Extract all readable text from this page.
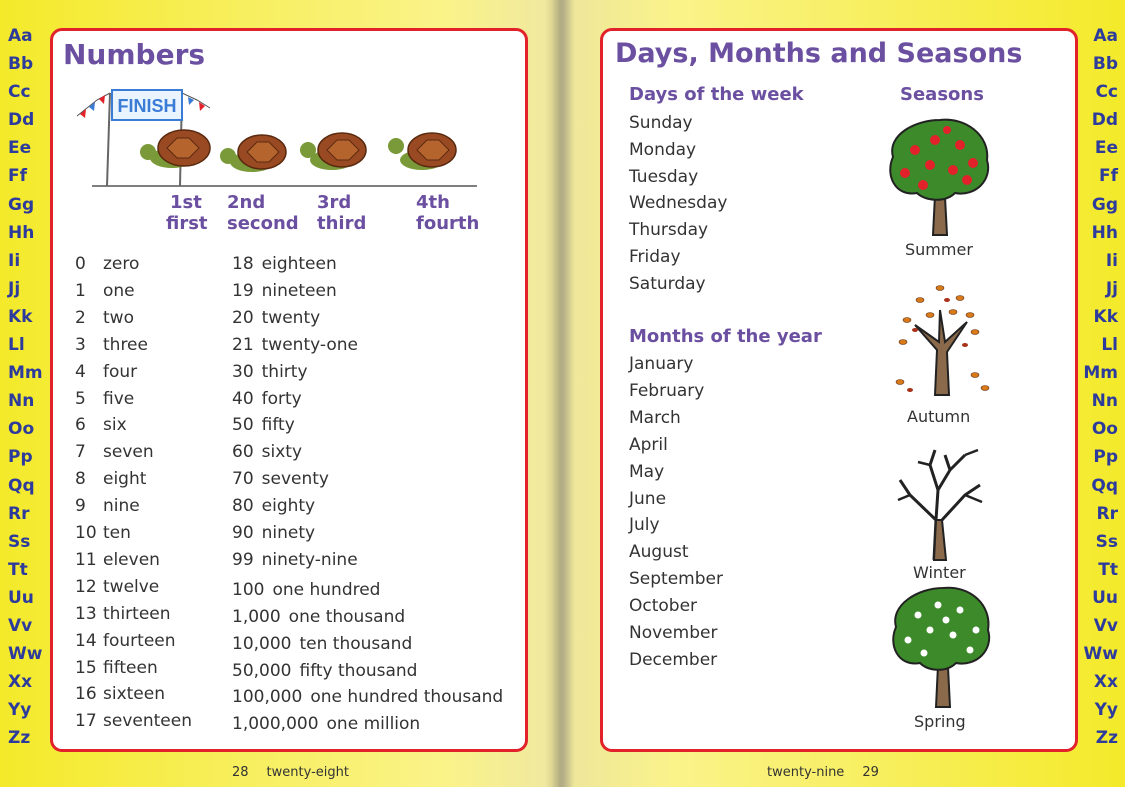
Aa
Bb
Cc
Dd
Ee
Ff
Gg
Hh
Ii
Jj
Kk
Ll
Mm
Nn
Oo
Pp
Qq
Rr
Ss
Tt
Uu
Vv
Ww
Xx
Yy
Zz
Aa
Bb
Cc
Dd
Ee
Ff
Gg
Hh
Ii
Jj
Kk
Ll
Mm
Nn
Oo
Pp
Qq
Rr
Ss
Tt
Uu
Vv
Ww
Xx
Yy
Zz
Numbers
FINISH
1st
first
2nd
second
3rd
third
4th
fourth
0 zero
1 one
2 two
3 three
4 four
5 five
6 six
7 seven
8 eight
9 nine
10 ten
11 eleven
12 twelve
13 thirteen
14 fourteen
15 fifteen
16 sixteen
17 seventeen
18 eighteen
19 nineteen
20 twenty
21 twenty-one
30 thirty
40 forty
50 fifty
60 sixty
70 seventy
80 eighty
90 ninety
99 ninety-nine
100 one hundred
1,000 one thousand
10,000 ten thousand
50,000 fifty thousand
100,000 one hundred thousand
1,000,000 one million
28 twenty-eight
Days, Months and Seasons
Days of the week	Seasons
Sunday
Monday
Tuesday
Wednesday
Thursday
Friday
Saturday
Months of the year
January
February
March
April
May
June
July
August
September
October
November
December
Summer
Autumn
Winter
Spring
twenty-nine 29
